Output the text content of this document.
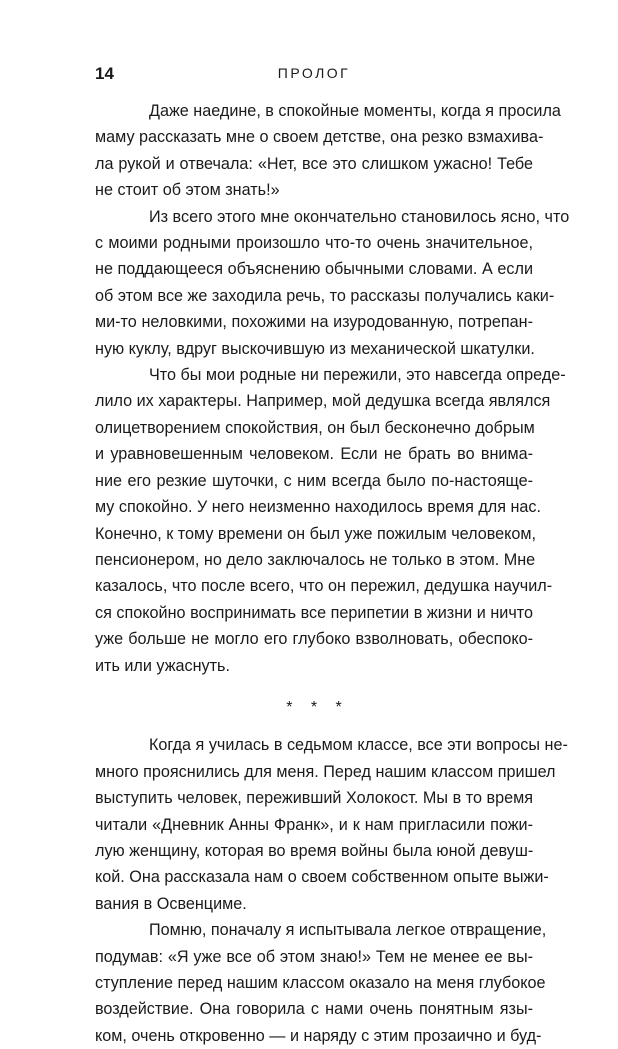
14	ПРОЛОГ

Даже наедине, в спокойные моменты, когда я просила
маму рассказать мне о своем детстве, она резко взмахива-
ла рукой и отвечала: «Нет, все это слишком ужасно! Тебе
не стоит об этом знать!»

Из всего этого мне окончательно становилось ясно, что
с моими родными произошло что-то очень значительное,
не поддающееся объяснению обычными словами. А если
об этом все же заходила речь, то рассказы получались каки-
ми-то неловкими, похожими на изуродованную, потрепан-
ную куклу, вдруг выскочившую из механической шкатулки.

Что бы мои родные ни пережили, это навсегда опреде-
лило их характеры. Например, мой дедушка всегда являлся
олицетворением спокойствия, он был бесконечно добрым
и уравновешенным человеком. Если не брать во внима-
ние его резкие шуточки, с ним всегда было по-настояще-
му спокойно. У него неизменно находилось время для нас.
Конечно, к тому времени он был уже пожилым человеком,
пенсионером, но дело заключалось не только в этом. Мне
казалось, что после всего, что он пережил, дедушка научил-
ся спокойно воспринимать все перипетии в жизни и ничто
уже больше не могло его глубоко взволновать, обеспоко-
ить или ужаснуть.

* * *

Когда я училась в седьмом классе, все эти вопросы не-
много прояснились для меня. Перед нашим классом пришел
выступить человек, переживший Холокост. Мы в то время
читали «Дневник Анны Франк», и к нам пригласили пожи-
лую женщину, которая во время войны была юной девуш-
кой. Она рассказала нам о своем собственном опыте выжи-
вания в Освенциме.

Помню, поначалу я испытывала легкое отвращение,
подумав: «Я уже все об этом знаю!» Тем не менее ее вы-
ступление перед нашим классом оказало на меня глубокое
воздействие. Она говорила с нами очень понятным язы-
ком, очень откровенно — и наряду с этим прозаично и буд-
